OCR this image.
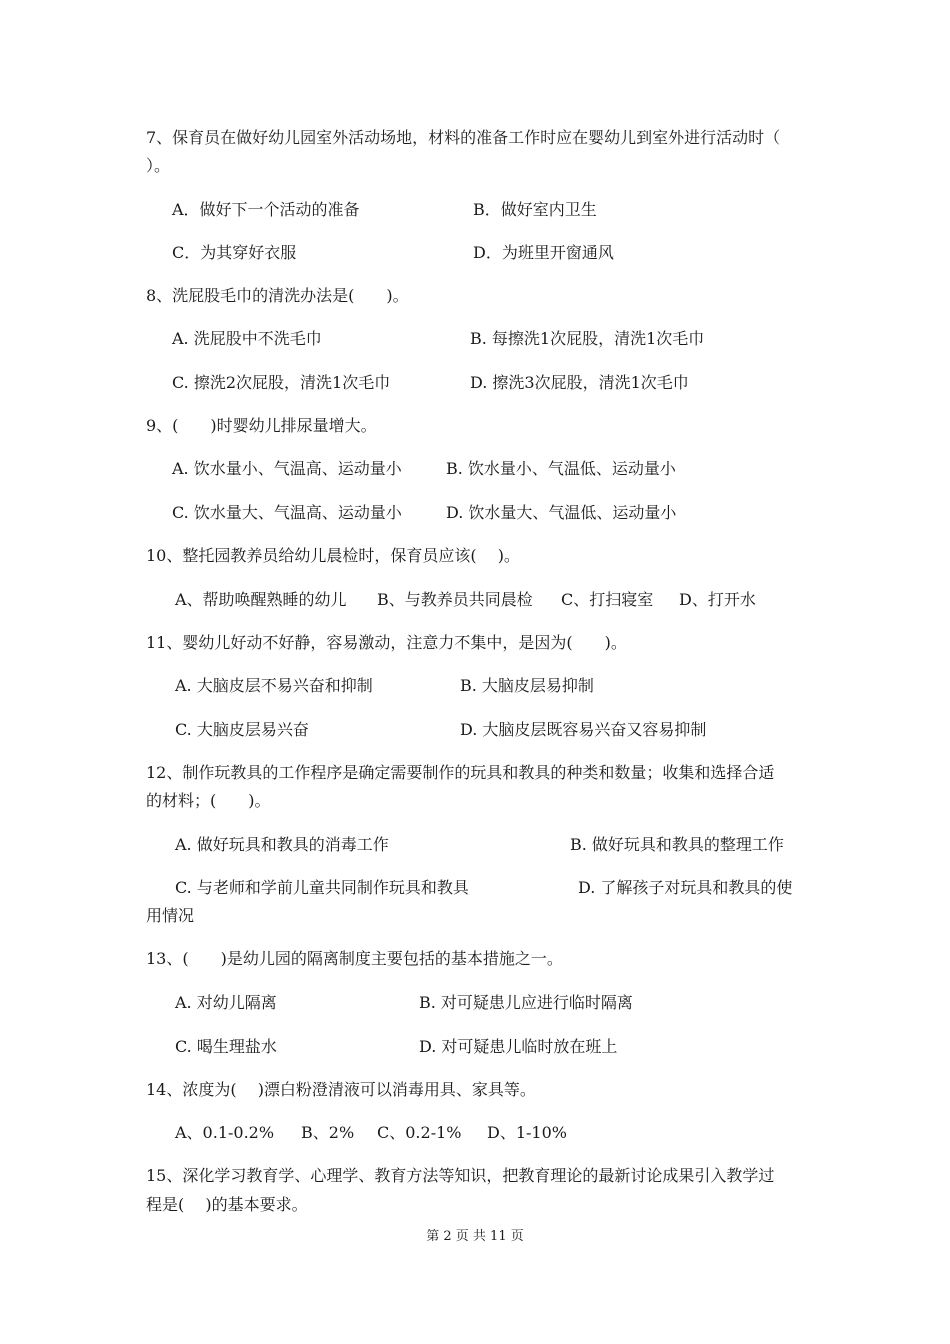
7、保育员在做好幼儿园室外活动场地，材料的准备工作时应在婴幼儿到室外进行活动时（
）。
A．做好下一个活动的准备	B．做好室内卫生
C．为其穿好衣服	D．为班里开窗通风
8、洗屁股毛巾的清洗办法是(　　)。
A. 洗屁股中不洗毛巾	B. 每擦洗1次屁股，清洗1次毛巾
C. 擦洗2次屁股，清洗1次毛巾	D. 擦洗3次屁股，清洗1次毛巾
9、(　　)时婴幼儿排尿量增大。
A. 饮水量小、气温高、运动量小	B. 饮水量小、气温低、运动量小
C. 饮水量大、气温高、运动量小	D. 饮水量大、气温低、运动量小
10、整托园教养员给幼儿晨检时，保育员应该(　 )。
A、帮助唤醒熟睡的幼儿 B、与教养员共同晨检 C、打扫寝室 D、打开水
11、婴幼儿好动不好静，容易激动，注意力不集中，是因为(　　)。
A. 大脑皮层不易兴奋和抑制	B. 大脑皮层易抑制
C. 大脑皮层易兴奋	D. 大脑皮层既容易兴奋又容易抑制
12、制作玩教具的工作程序是确定需要制作的玩具和教具的种类和数量；收集和选择合适
的材料；(　　)。
A. 做好玩具和教具的消毒工作	B. 做好玩具和教具的整理工作
C. 与老师和学前儿童共同制作玩具和教具	D. 了解孩子对玩具和教具的使
用情况
13、(　　)是幼儿园的隔离制度主要包括的基本措施之一。
A. 对幼儿隔离	B. 对可疑患儿应进行临时隔离
C. 喝生理盐水	D. 对可疑患儿临时放在班上
14、浓度为(　 )漂白粉澄清液可以消毒用具、家具等。
A、0.1-0.2% B、2% C、0.2-1% D、1-10%
15、深化学习教育学、心理学、教育方法等知识，把教育理论的最新讨论成果引入教学过
程是(　 )的基本要求。
第 2 页 共 11 页
